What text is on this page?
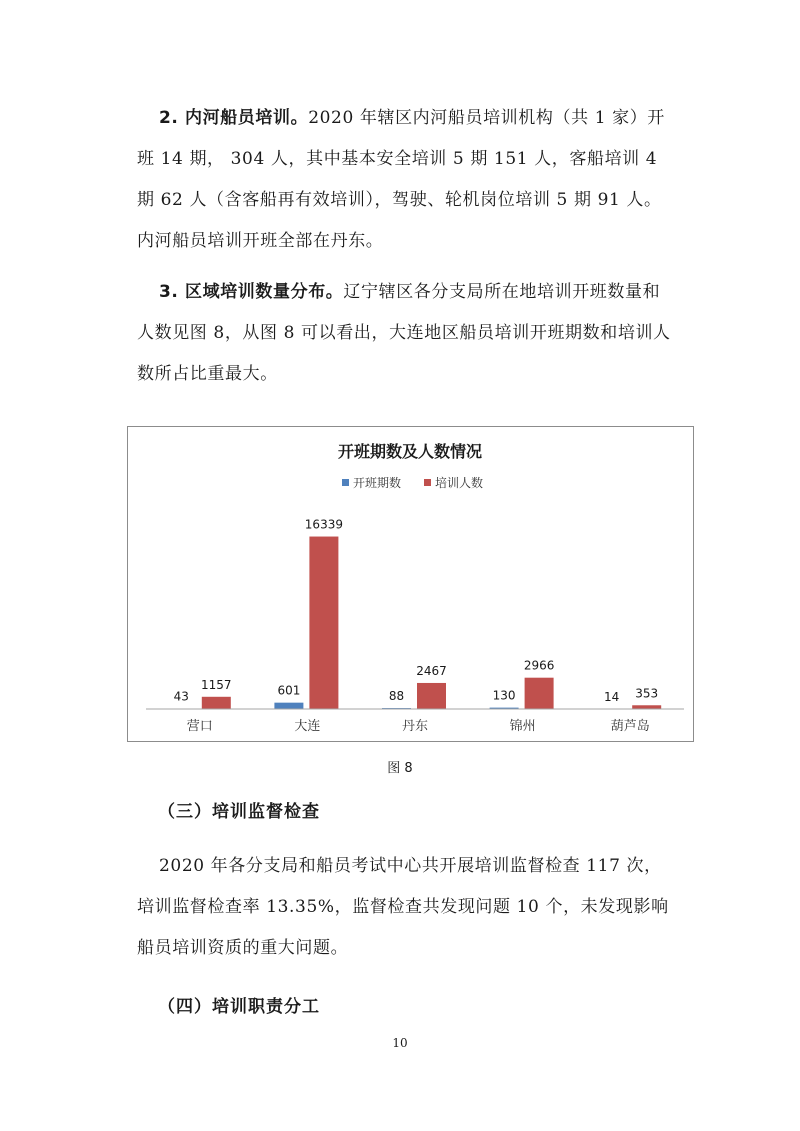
2. 内河船员培训。2020 年辖区内河船员培训机构（共 1 家）开班 14 期， 304 人，其中基本安全培训 5 期 151 人，客船培训 4 期 62 人（含客船再有效培训），驾驶、轮机岗位培训 5 期 91 人。内河船员培训开班全部在丹东。

3. 区域培训数量分布。辽宁辖区各分支局所在地培训开班数量和人数见图 8，从图 8 可以看出，大连地区船员培训开班期数和培训人数所占比重最大。

开班期数及人数情况
开班期数	培训人数
43
1157	601
16339
88
2467
130
2966
14 353
营口	大连	丹东	锦州	葫芦岛
图 8

（三）培训监督检查

2020 年各分支局和船员考试中心共开展培训监督检查 117 次，培训监督检查率 13.35%，监督检查共发现问题 10 个，未发现影响船员培训资质的重大问题。

（四）培训职责分工

10
